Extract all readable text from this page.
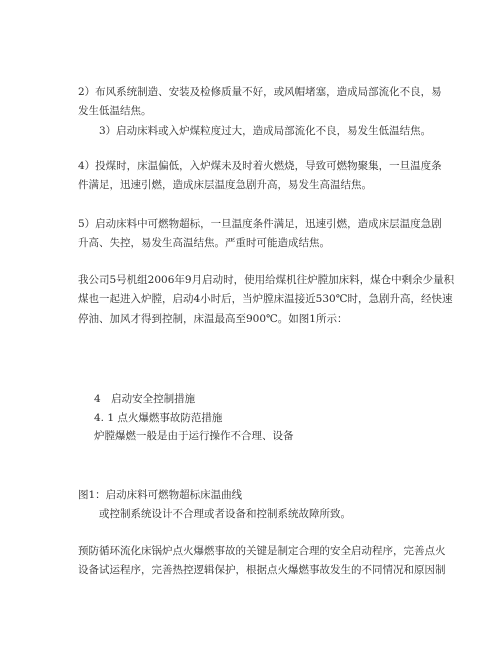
2）布风系统制造、安装及检修质量不好，或风帽堵塞，造成局部流化不良，易
发生低温结焦。
3）启动床料或入炉煤粒度过大，造成局部流化不良，易发生低温结焦。
4）投煤时，床温偏低，入炉煤未及时着火燃烧，导致可燃物聚集，一旦温度条
件满足，迅速引燃，造成床层温度急剧升高，易发生高温结焦。
5）启动床料中可燃物超标，一旦温度条件满足，迅速引燃，造成床层温度急剧
升高、失控，易发生高温结焦。严重时可能造成结焦。
我公司5号机组2006年9月启动时，使用给煤机往炉膛加床料，煤仓中剩余少量积
煤也一起进入炉膛，启动4小时后，当炉膛床温接近530℃时，急剧升高，经快速
停油、加风才得到控制，床温最高至900℃。如图1所示：
4　启动安全控制措施
4. 1 点火爆燃事故防范措施
炉膛爆燃一般是由于运行操作不合理、设备
图1：启动床料可燃物超标床温曲线
或控制系统设计不合理或者设备和控制系统故障所致。
预防循环流化床锅炉点火爆燃事故的关键是制定合理的安全启动程序，完善点火
设备试运程序，完善热控逻辑保护，根据点火爆燃事故发生的不同情况和原因制
